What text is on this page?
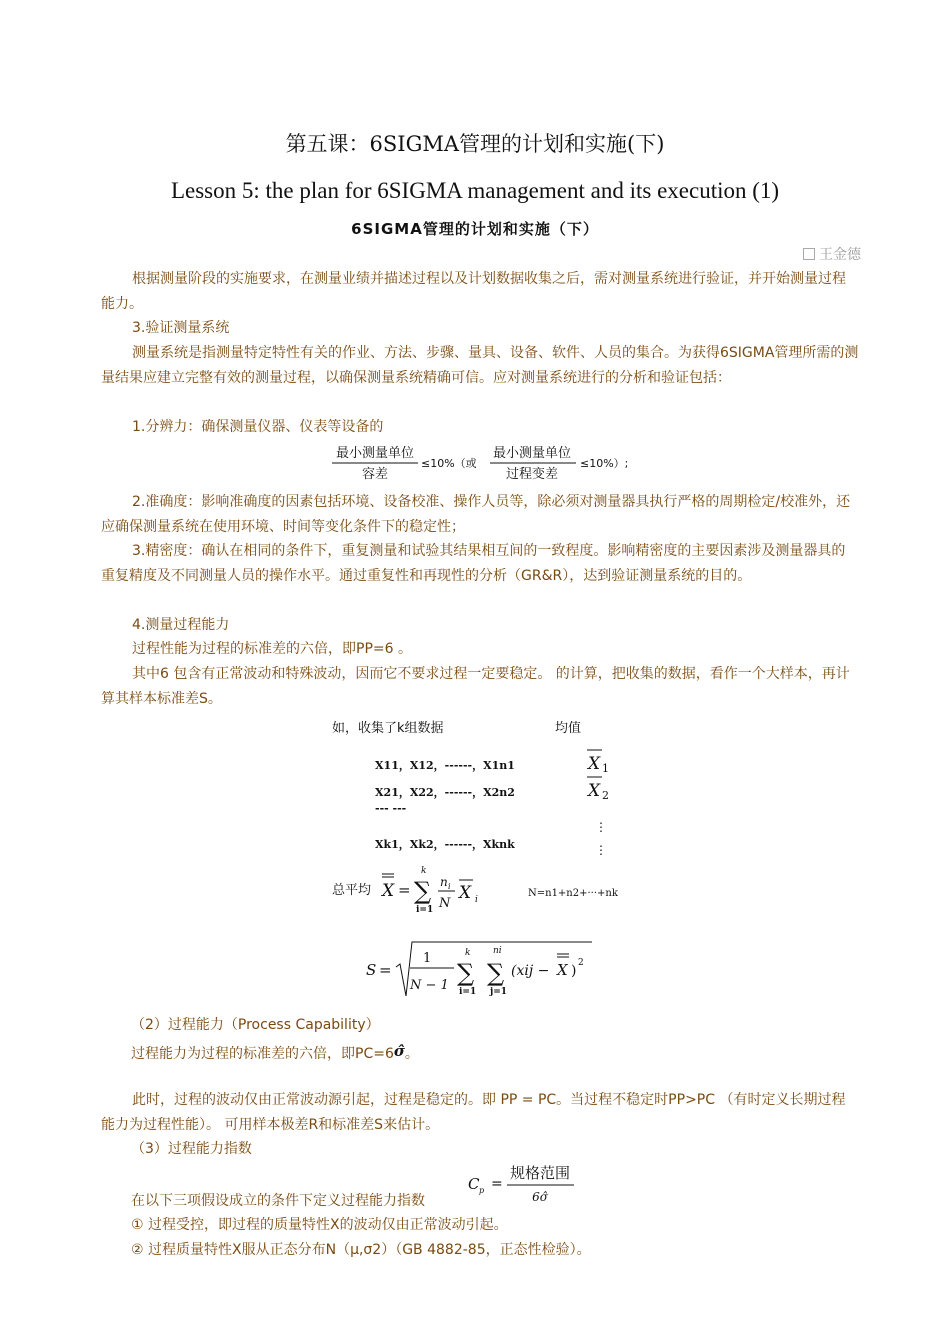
第五课：6SIGMA管理的计划和实施(下)
Lesson 5: the plan for 6SIGMA management and its execution (1)
6SIGMA管理的计划和实施（下）
王金德
根据测量阶段的实施要求，在测量业绩并描述过程以及计划数据收集之后，需对测量系统进行验证，并开始测量过程能力。
3.验证测量系统
测量系统是指测量特定特性有关的作业、方法、步骤、量具、设备、软件、人员的集合。为获得6SIGMA管理所需的测量结果应建立完整有效的测量过程，以确保测量系统精确可信。应对测量系统进行的分析和验证包括：
1.分辨力：确保测量仪器、仪表等设备的
最小测量单位
容差
≤10%（或
最小测量单位
过程变差
≤10%）;
2.准确度：影响准确度的因素包括环境、设备校准、操作人员等，除必须对测量器具执行严格的周期检定/校准外，还应确保测量系统在使用环境、时间等变化条件下的稳定性；
3.精密度：确认在相同的条件下，重复测量和试验其结果相互间的一致程度。影响精密度的主要因素涉及测量器具的重复精度及不同测量人员的操作水平。通过重复性和再现性的分析（GR&R），达到验证测量系统的目的。
4.测量过程能力
过程性能为过程的标准差的六倍，即PP=6 。
其中6 包含有正常波动和特殊波动，因而它不要求过程一定要稳定。 的计算，把收集的数据，看作一个大样本，再计算其样本标准差S。
如，收集了k组数据	均值
X11，X12，------，X1n1	X 1
X21，X22，------，X2n2	X 2
--- ---
⋮
Xk1，Xk2，------，Xknk	⋮
总平均 X =
k
∑
i=1
n i
N
X i
N=n1+n2+···+nk
S =
1
N − 1
k
∑
i=1
ni
∑
j=1
(xij − X ) 2
（2）过程能力（Process Capability）
过程能力为过程的标准差的六倍，即PC=6σ̂。
此时，过程的波动仅由正常波动源引起，过程是稳定的。即 PP = PC。当过程不稳定时PP>PC （有时定义长期过程能力为过程性能）。 可用样本极差R和标准差S来估计。
（3）过程能力指数
C p =
规格范围
6σ̂
在以下三项假设成立的条件下定义过程能力指数
① 过程受控，即过程的质量特性X的波动仅由正常波动引起。
② 过程质量特性X服从正态分布N（μ,σ2）（GB 4882-85，正态性检验）。
